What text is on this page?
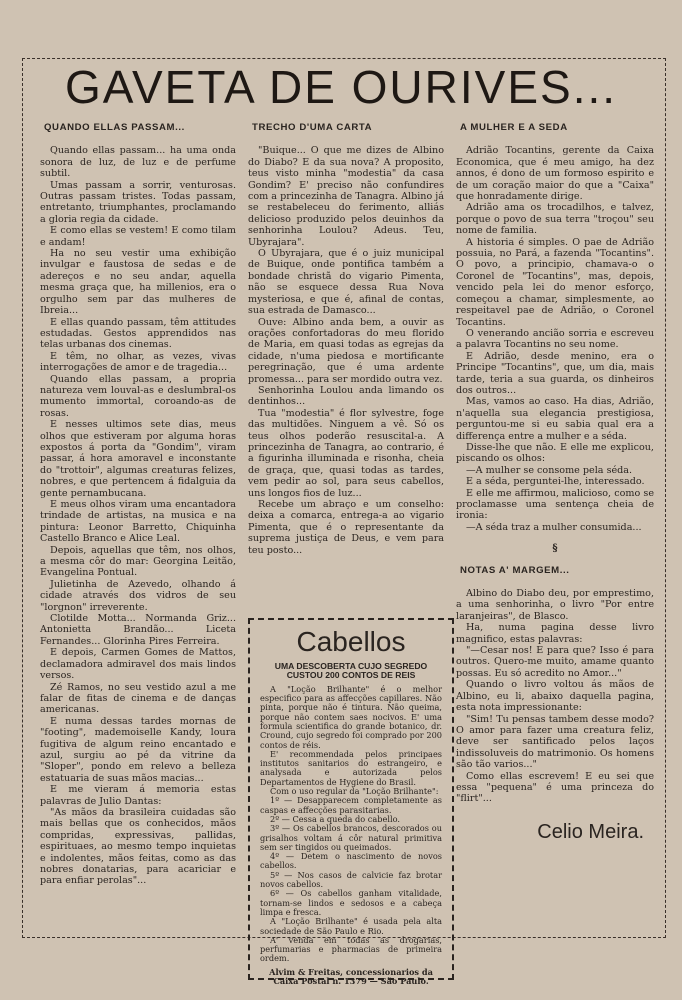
GAVETA DE OURIVES...

QUANDO ELLAS PASSAM...

Quando ellas passam... ha uma onda sonora de luz, de luz e de perfume subtil.

Umas passam a sorrir, venturosas. Outras passam tristes. Todas passam, entretanto, triumphantes, proclamando a gloria regia da cidade.

E como ellas se vestem! E como tilam e andam!

Ha no seu vestir uma exhibição invulgar e faustosa de sedas e de adereços e no seu andar, aquella mesma graça que, ha millenios, era o orgulho sem par das mulheres de Ibreia...

E ellas quando passam, têm attitudes estudadas. Gestos apprendidos nas telas urbanas dos cinemas.

E têm, no olhar, as vezes, vivas interrogações de amor e de tragedia...

Quando ellas passam, a propria natureza vem louval-as e deslumbral-os mumento immortal, coroando-as de rosas.

E nesses ultimos sete dias, meus olhos que estiveram por alguma horas expostos á porta da "Gondim", viram passar, á hora amoravel e inconstante do "trottoir", algumas creaturas felizes, nobres, e que pertencem á fidalguia da gente pernambucana.

E meus olhos viram uma encantadora trindade de artistas, na musica e na pintura: Leonor Barretto, Chiquinha Castello Branco e Alice Leal.

Depois, aquellas que têm, nos olhos, a mesma côr do mar: Georgina Leitão, Evangelina Pontual.

Julietinha de Azevedo, olhando á cidade através dos vidros de seu "lorgnon" irreverente.

Clotilde Motta... Normanda Griz... Antonietta Brandão... Liceta Fernandes... Glorinha Pires Ferreira.

E depois, Carmen Gomes de Mattos, declamadora admiravel dos mais lindos versos.

Zé Ramos, no seu vestido azul a me falar de fitas de cinema e de danças americanas.

E numa dessas tardes mornas de "footing", mademoiselle Kandy, loura fugitiva de algum reino encantado e azul, surgiu ao pé da vitrine da "Sloper", pondo em relevo a belleza estatuaria de suas mãos macias...

E me vieram á memoria estas palavras de Julio Dantas:

"As mãos da brasileira cuidadas são mais bellas que os conhecidos, mãos compridas, expressivas, pallidas, espirituaes, ao mesmo tempo inquietas e indolentes, mãos feitas, como as das nobres donatarias, para acariciar e para enfiar perolas"...

TRECHO D'UMA CARTA

"Buique... O que me dizes de Albino do Diabo? E da sua nova? A proposito, teus visto minha "modestia" da casa Gondim? E' preciso não confundires com a princezinha de Tanagra. Albino já se restabeleceu do ferimento, alliás delicioso produzido pelos deuinhos da senhorinha Loulou? Adeus. Teu, Ubyrajara".

O Ubyrajara, que é o juiz municipal de Buique, onde pontifica também a bondade christã do vigario Pimenta, não se esquece dessa Rua Nova mysteriosa, e que é, afinal de contas, sua estrada de Damasco...

Ouve: Albino anda bem, a ouvir as orações confortadoras do meu florido de Maria, em quasi todas as egrejas da cidade, n'uma piedosa e mortificante peregrinação, que é uma ardente promessa... para ser mordido outra vez.

Senhorinha Loulou anda limando os dentinhos...

Tua "modestia" é flor sylvestre, foge das multidões. Ninguem a vê. Só os teus olhos poderão resuscital-a. A princezinha de Tanagra, ao contrario, é a figurinha illuminada e risonha, cheia de graça, que, quasi todas as tardes, vem pedir ao sol, para seus cabellos, uns longos fios de luz...

Recebe um abraço e um conselho: deixa a comarca, entrega-a ao vigario Pimenta, que é o representante da suprema justiça de Deus, e vem para teu posto...

Cabellos

UMA DESCOBERTA CUJO SEGREDO CUSTOU 200 CONTOS DE REIS

A "Loção Brilhante" é o melhor especifico para as affecções capillares. Não pinta, porque não é tintura. Não queima, porque não contem saes nocivos. E' uma formula scientifica do grande botanico, dr. Cround, cujo segredo foi comprado por 200 contos de réis.

E' recommendada pelos principaes institutos sanitarios do estrangeiro, e analysada e autorizada pelos Departamentos de Hygiene do Brasil.

Com o uso regular da "Loção Brilhante":

1º — Desapparecem completamente as caspas e affecções parasitarias.

2º — Cessa a queda do cabello.

3º — Os cabellos brancos, descorados ou grisalhos voltam á côr natural primitiva sem ser tingidos ou queimados.

4º — Detem o nascimento de novos cabellos.

5º — Nos casos de calvicie faz brotar novos cabellos.

6º — Os cabellos ganham vitalidade, tornam-se lindos e sedosos e a cabeça limpa e fresca.

A "Loção Brilhante" é usada pela alta sociedade de São Paulo e Rio.

A' venda em todas as drogarias, perfumarias e pharmacias de primeira ordem.

Alvim & Freitas, concessionarios da Caixa Postal n. 1379 — São Paulo.

A MULHER E A SEDA

Adrião Tocantins, gerente da Caixa Economica, que é meu amigo, ha dez annos, é dono de um formoso espirito e de um coração maior do que a "Caixa" que honradamente dirige.

Adrião ama os trocadilhos, e talvez, porque o povo de sua terra "troçou" seu nome de familia.

A historia é simples. O pae de Adrião possuia, no Pará, a fazenda "Tocantins". O povo, a principio, chamava-o o Coronel de "Tocantins", mas, depois, vencido pela lei do menor esforço, começou a chamar, simplesmente, ao respeitavel pae de Adrião, o Coronel Tocantins.

O venerando ancião sorria e escreveu a palavra Tocantins no seu nome.

E Adrião, desde menino, era o Principe "Tocantins", que, um dia, mais tarde, teria a sua guarda, os dinheiros dos outros...

Mas, vamos ao caso. Ha dias, Adrião, n'aquella sua elegancia prestigiosa, perguntou-me si eu sabia qual era a differença entre a mulher e a séda.

Disse-lhe que não. E elle me explicou, piscando os olhos:

—A mulher se consome pela séda.

E a séda, perguntei-lhe, interessado.

E elle me affirmou, malicioso, como se proclamasse uma sentença cheia de ironia:

—A séda traz a mulher consumida...

§

NOTAS A' MARGEM...

Albino do Diabo deu, por emprestimo, a uma senhorinha, o livro "Por entre laranjeiras", de Blasco.

Ha, numa pagina desse livro magnifico, estas palavras:

"—Cesar nos! E para que? Isso é para outros. Quero-me muito, amame quanto possas. Eu só acredito no Amor..."

Quando o livro voltou ás mãos de Albino, eu li, abaixo daquella pagina, esta nota impressionante:

"Sim! Tu pensas tambem desse modo? O amor para fazer uma creatura feliz, deve ser santificado pelos laços indissoluveis do matrimonio. Os homens são tão varios..."

Como ellas escrevem! E eu sei que essa "pequena" é uma princeza do "flirt"...

Celio Meira.
